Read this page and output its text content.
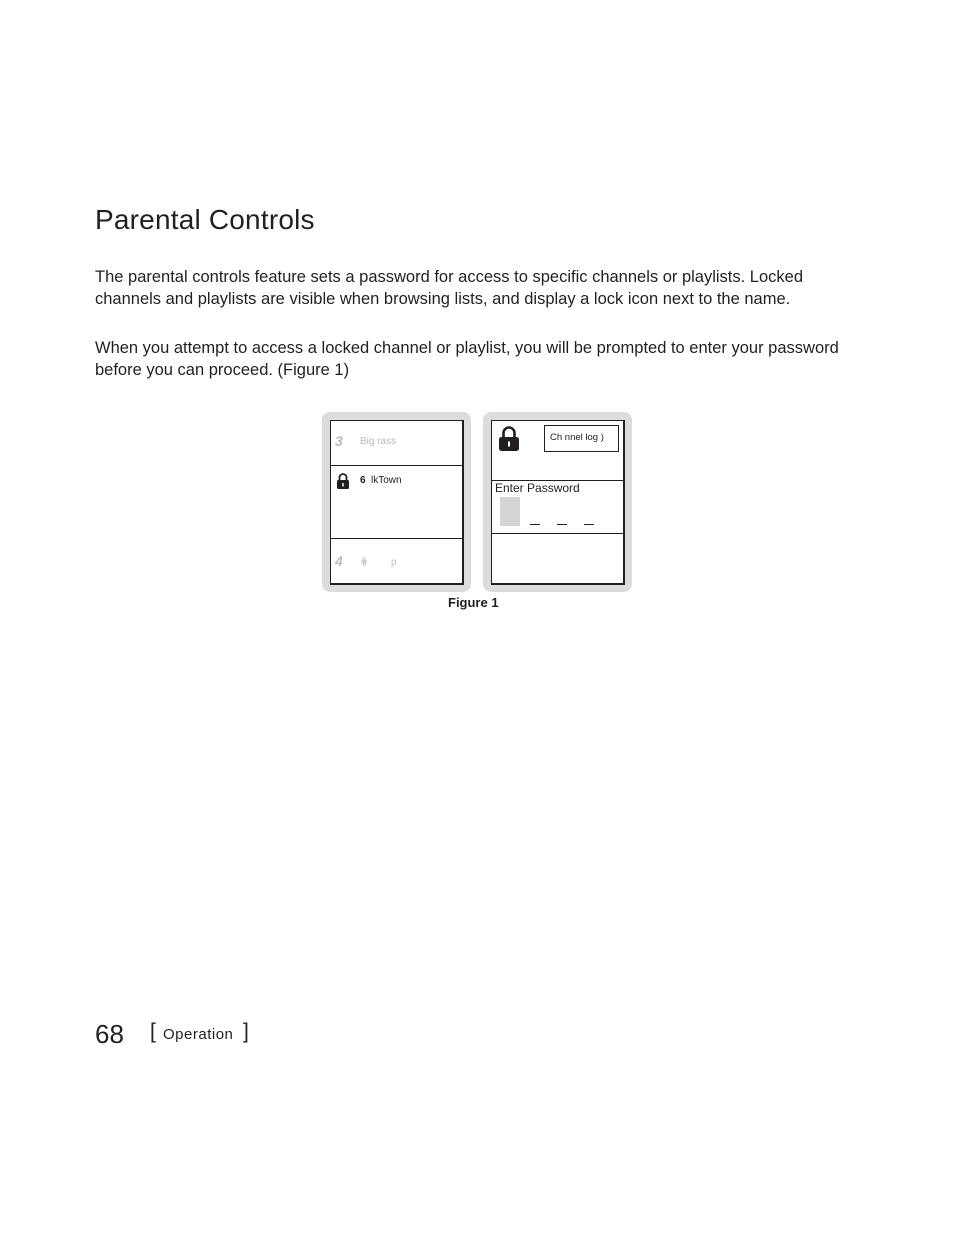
Parental Controls

The parental controls feature sets a password for access to specific channels or playlists. Locked channels and playlists are visible when browsing lists, and display a lock icon next to the name.

When you attempt to access a locked channel or playlist, you will be prompted to enter your password before you can proceed. (Figure 1)

3 Big rass
6 lkTown
4 ⋕ p
Ch nnel log )
Enter Password
Figure 1
68 [ Operation ]
